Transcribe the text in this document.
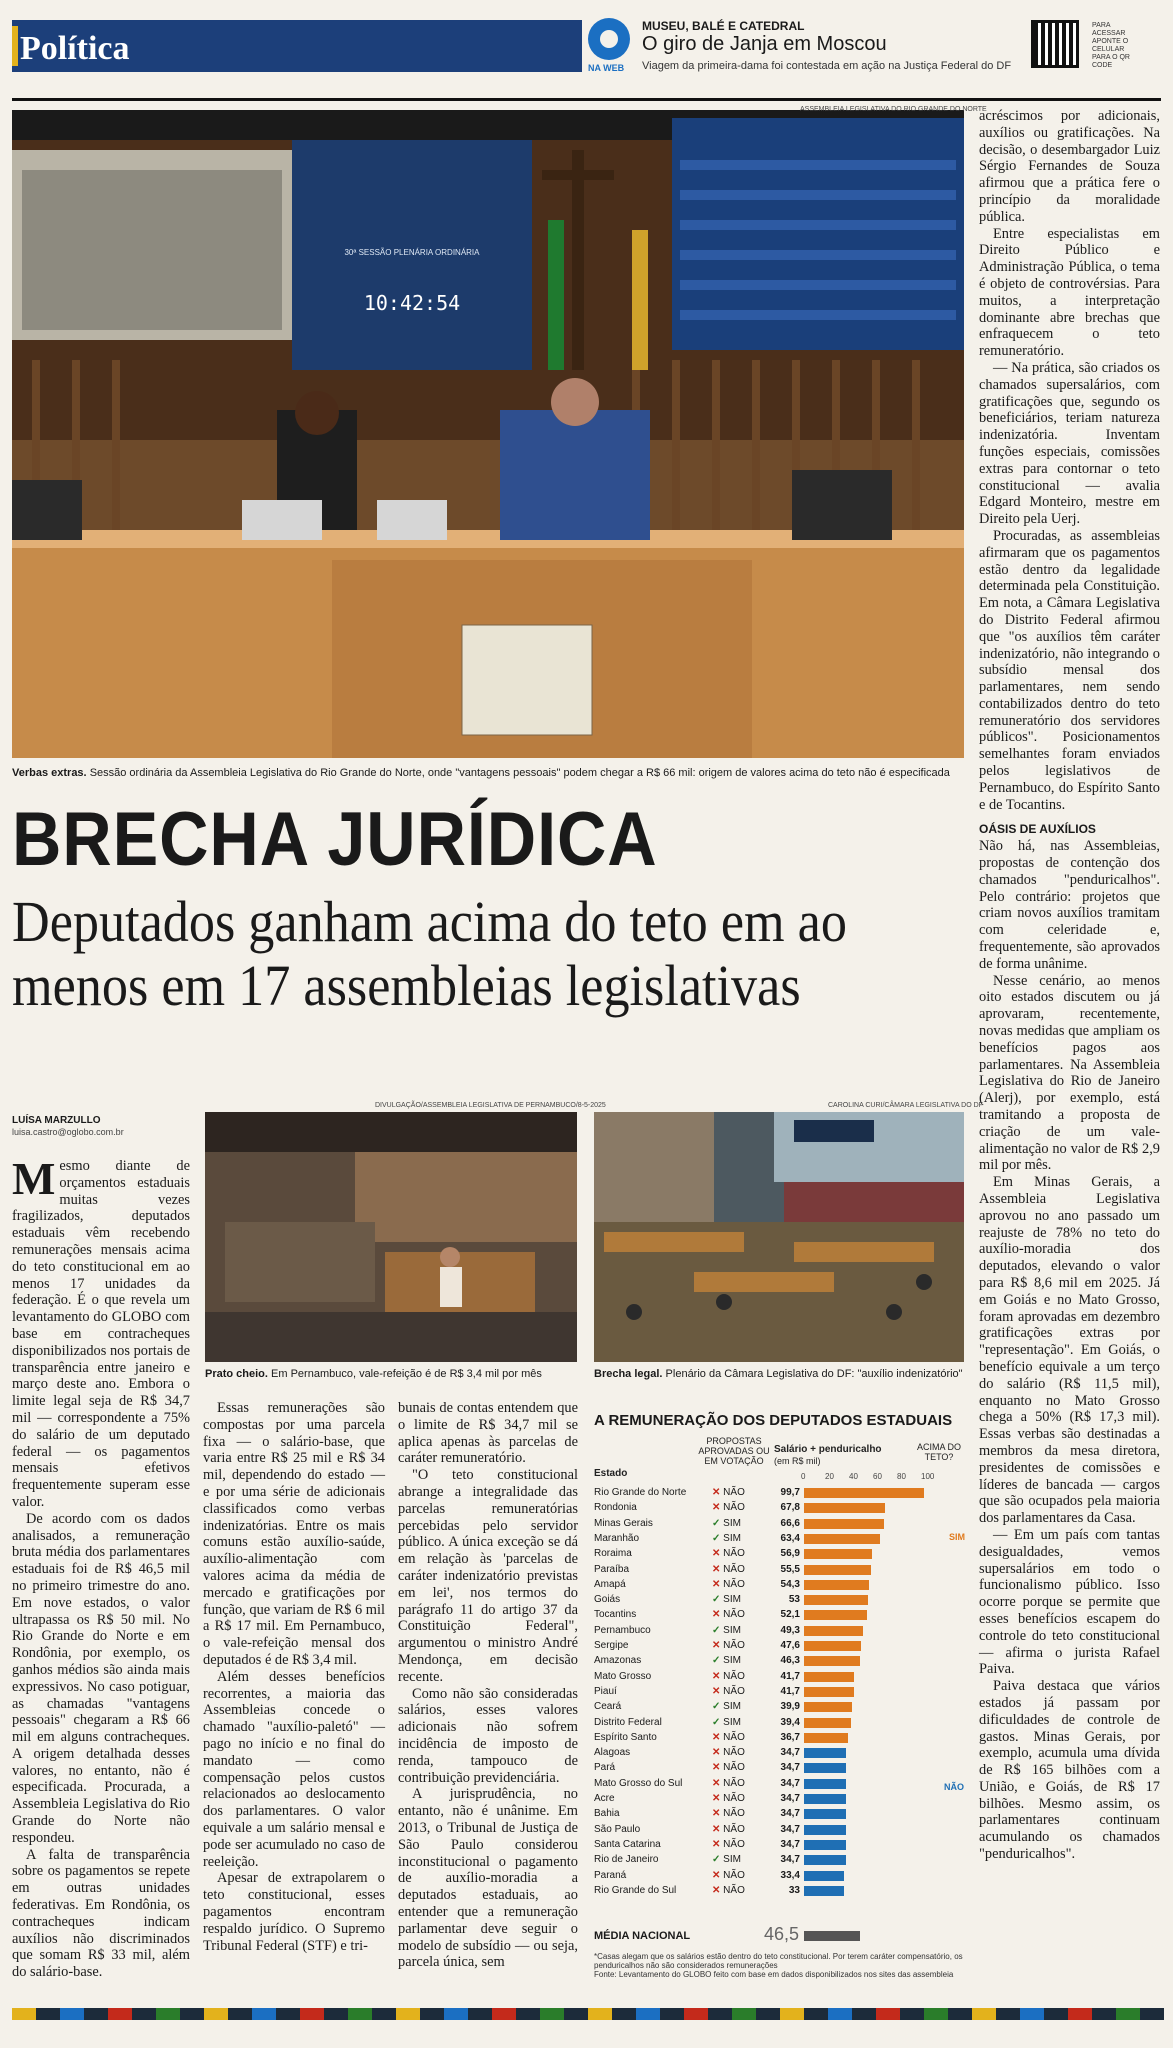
Política
NA WEB
MUSEU, BALÉ E CATEDRAL
O giro de Janja em Moscou
Viagem da primeira-dama foi contestada em ação na Justiça Federal do DF
PARA ACESSAR APONTE O CELULAR PARA O QR CODE
30ª SESSÃO PLENÁRIA ORDINÁRIA
10:42:54
ASSEMBLEIA LEGISLATIVA DO RIO GRANDE DO NORTE
Verbas extras. Sessão ordinária da Assembleia Legislativa do Rio Grande do Norte, onde "vantagens pessoais" podem chegar a R$ 66 mil: origem de valores acima do teto não é especificada
BRECHA JURÍDICA
Deputados ganham acima do teto em ao menos em 17 assembleias legislativas
LUÍSA MARZULLO
luisa.castro@oglobo.com.br

Mesmo diante de orçamentos estaduais muitas vezes fragilizados, deputados estaduais vêm recebendo remunerações mensais acima do teto constitucional em ao menos 17 unidades da federação. É o que revela um levantamento do GLOBO com base em contracheques disponibilizados nos portais de transparência entre janeiro e março deste ano. Embora o limite legal seja de R$ 34,7 mil — correspondente a 75% do salário de um deputado federal — os pagamentos mensais efetivos frequentemente superam esse valor.

De acordo com os dados analisados, a remuneração bruta média dos parlamentares estaduais foi de R$ 46,5 mil no primeiro trimestre do ano. Em nove estados, o valor ultrapassa os R$ 50 mil. No Rio Grande do Norte e em Rondônia, por exemplo, os ganhos médios são ainda mais expressivos. No caso potiguar, as chamadas "vantagens pessoais" chegaram a R$ 66 mil em alguns contracheques. A origem detalhada desses valores, no entanto, não é especificada. Procurada, a Assembleia Legislativa do Rio Grande do Norte não respondeu.

A falta de transparência sobre os pagamentos se repete em outras unidades federativas. Em Rondônia, os contracheques indicam auxílios não discriminados que somam R$ 33 mil, além do salário-base.

DIVULGAÇÃO/ASSEMBLEIA LEGISLATIVA DE PERNAMBUCO/8-5-2025
Prato cheio. Em Pernambuco, vale-refeição é de R$ 3,4 mil por mês
CAROLINA CURI/CÂMARA LEGISLATIVA DO DF
Brecha legal. Plenário da Câmara Legislativa do DF: "auxílio indenizatório"

Essas remunerações são compostas por uma parcela fixa — o salário-base, que varia entre R$ 25 mil e R$ 34 mil, dependendo do estado — e por uma série de adicionais classificados como verbas indenizatórias. Entre os mais comuns estão auxílio-saúde, auxílio-alimentação com valores acima da média de mercado e gratificações por função, que variam de R$ 6 mil a R$ 17 mil. Em Pernambuco, o vale-refeição mensal dos deputados é de R$ 3,4 mil.

Além desses benefícios recorrentes, a maioria das Assembleias concede o chamado "auxílio-paletó" — pago no início e no final do mandato — como compensação pelos custos relacionados ao deslocamento dos parlamentares. O valor equivale a um salário mensal e pode ser acumulado no caso de reeleição.

Apesar de extrapolarem o teto constitucional, esses pagamentos encontram respaldo jurídico. O Supremo Tribunal Federal (STF) e tri-

bunais de contas entendem que o limite de R$ 34,7 mil se aplica apenas às parcelas de caráter remuneratório.

"O teto constitucional abrange a integralidade das parcelas remuneratórias percebidas pelo servidor público. A única exceção se dá em relação às 'parcelas de caráter indenizatório previstas em lei', nos termos do parágrafo 11 do artigo 37 da Constituição Federal", argumentou o ministro André Mendonça, em decisão recente.

Como não são consideradas salários, esses valores adicionais não sofrem incidência de imposto de renda, tampouco de contribuição previdenciária.

A jurisprudência, no entanto, não é unânime. Em 2013, o Tribunal de Justiça de São Paulo considerou inconstitucional o pagamento de auxílio-moradia a deputados estaduais, ao entender que a remuneração parlamentar deve seguir o modelo de subsídio — ou seja, parcela única, sem

acréscimos por adicionais, auxílios ou gratificações. Na decisão, o desembargador Luiz Sérgio Fernandes de Souza afirmou que a prática fere o princípio da moralidade pública.

Entre especialistas em Direito Público e Administração Pública, o tema é objeto de controvérsias. Para muitos, a interpretação dominante abre brechas que enfraquecem o teto remuneratório.

— Na prática, são criados os chamados supersalários, com gratificações que, segundo os beneficiários, teriam natureza indenizatória. Inventam funções especiais, comissões extras para contornar o teto constitucional — avalia Edgard Monteiro, mestre em Direito pela Uerj.

Procuradas, as assembleias afirmaram que os pagamentos estão dentro da legalidade determinada pela Constituição. Em nota, a Câmara Legislativa do Distrito Federal afirmou que "os auxílios têm caráter indenizatório, não integrando o subsídio mensal dos parlamentares, nem sendo contabilizados dentro do teto remuneratório dos servidores públicos". Posicionamentos semelhantes foram enviados pelos legislativos de Pernambuco, do Espírito Santo e de Tocantins.

OÁSIS DE AUXÍLIOS

Não há, nas Assembleias, propostas de contenção dos chamados "penduricalhos". Pelo contrário: projetos que criam novos auxílios tramitam com celeridade e, frequentemente, são aprovados de forma unânime.

Nesse cenário, ao menos oito estados discutem ou já aprovaram, recentemente, novas medidas que ampliam os benefícios pagos aos parlamentares. Na Assembleia Legislativa do Rio de Janeiro (Alerj), por exemplo, está tramitando a proposta de criação de um vale-alimentação no valor de R$ 2,9 mil por mês.

Em Minas Gerais, a Assembleia Legislativa aprovou no ano passado um reajuste de 78% no teto do auxílio-moradia dos deputados, elevando o valor para R$ 8,6 mil em 2025. Já em Goiás e no Mato Grosso, foram aprovadas em dezembro gratificações extras por "representação". Em Goiás, o benefício equivale a um terço do salário (R$ 11,5 mil), enquanto no Mato Grosso chega a 50% (R$ 17,3 mil). Essas verbas são destinadas a membros da mesa diretora, presidentes de comissões e líderes de bancada — cargos que são ocupados pela maioria dos parlamentares da Casa.

— Em um país com tantas desigualdades, vemos supersalários em todo o funcionalismo público. Isso ocorre porque se permite que esses benefícios escapem do controle do teto constitucional — afirma o jurista Rafael Paiva.

Paiva destaca que vários estados já passam por dificuldades de controle de gastos. Minas Gerais, por exemplo, acumula uma dívida de R$ 165 bilhões com a União, e Goiás, de R$ 17 bilhões. Mesmo assim, os parlamentares continuam acumulando os chamados "penduricalhos".

A REMUNERAÇÃO DOS DEPUTADOS ESTADUAIS
Estado
PROPOSTAS APROVADAS OU EM VOTAÇÃO
Salário + penduricalho
(em R$ mil)
ACIMA DO TETO?
0 20 40 60 80 100
Rio Grande do Norte	✕ NÃO	99,7
Rondonia	✕ NÃO	67,8
Minas Gerais	✓ SIM	66,6
Maranhão	✓ SIM	63,4
Roraima	✕ NÃO	56,9
Paraíba	✕ NÃO	55,5
Amapá	✕ NÃO	54,3
Goiás	✓ SIM	53
Tocantins	✕ NÃO	52,1
Pernambuco	✓ SIM	49,3
Sergipe	✕ NÃO	47,6
Amazonas	✓ SIM	46,3
Mato Grosso	✕ NÃO	41,7
Piauí	✕ NÃO	41,7
Ceará	✓ SIM	39,9
Distrito Federal	✓ SIM	39,4
Espírito Santo	✕ NÃO	36,7
Alagoas	✕ NÃO	34,7
Pará	✕ NÃO	34,7
Mato Grosso do Sul	✕ NÃO	34,7
Acre	✕ NÃO	34,7
Bahia	✕ NÃO	34,7
São Paulo	✕ NÃO	34,7
Santa Catarina	✕ NÃO	34,7
Rio de Janeiro	✓ SIM	34,7
Paraná	✕ NÃO	33,4
Rio Grande do Sul	✕ NÃO	33
SIM
NÃO
MÉDIA NACIONAL	46,5
*Casas alegam que os salários estão dentro do teto constitucional. Por terem caráter compensatório, os penduricalhos não são considerados remunerações
Fonte: Levantamento do GLOBO feito com base em dados disponibilizados nos sites das assembleia
